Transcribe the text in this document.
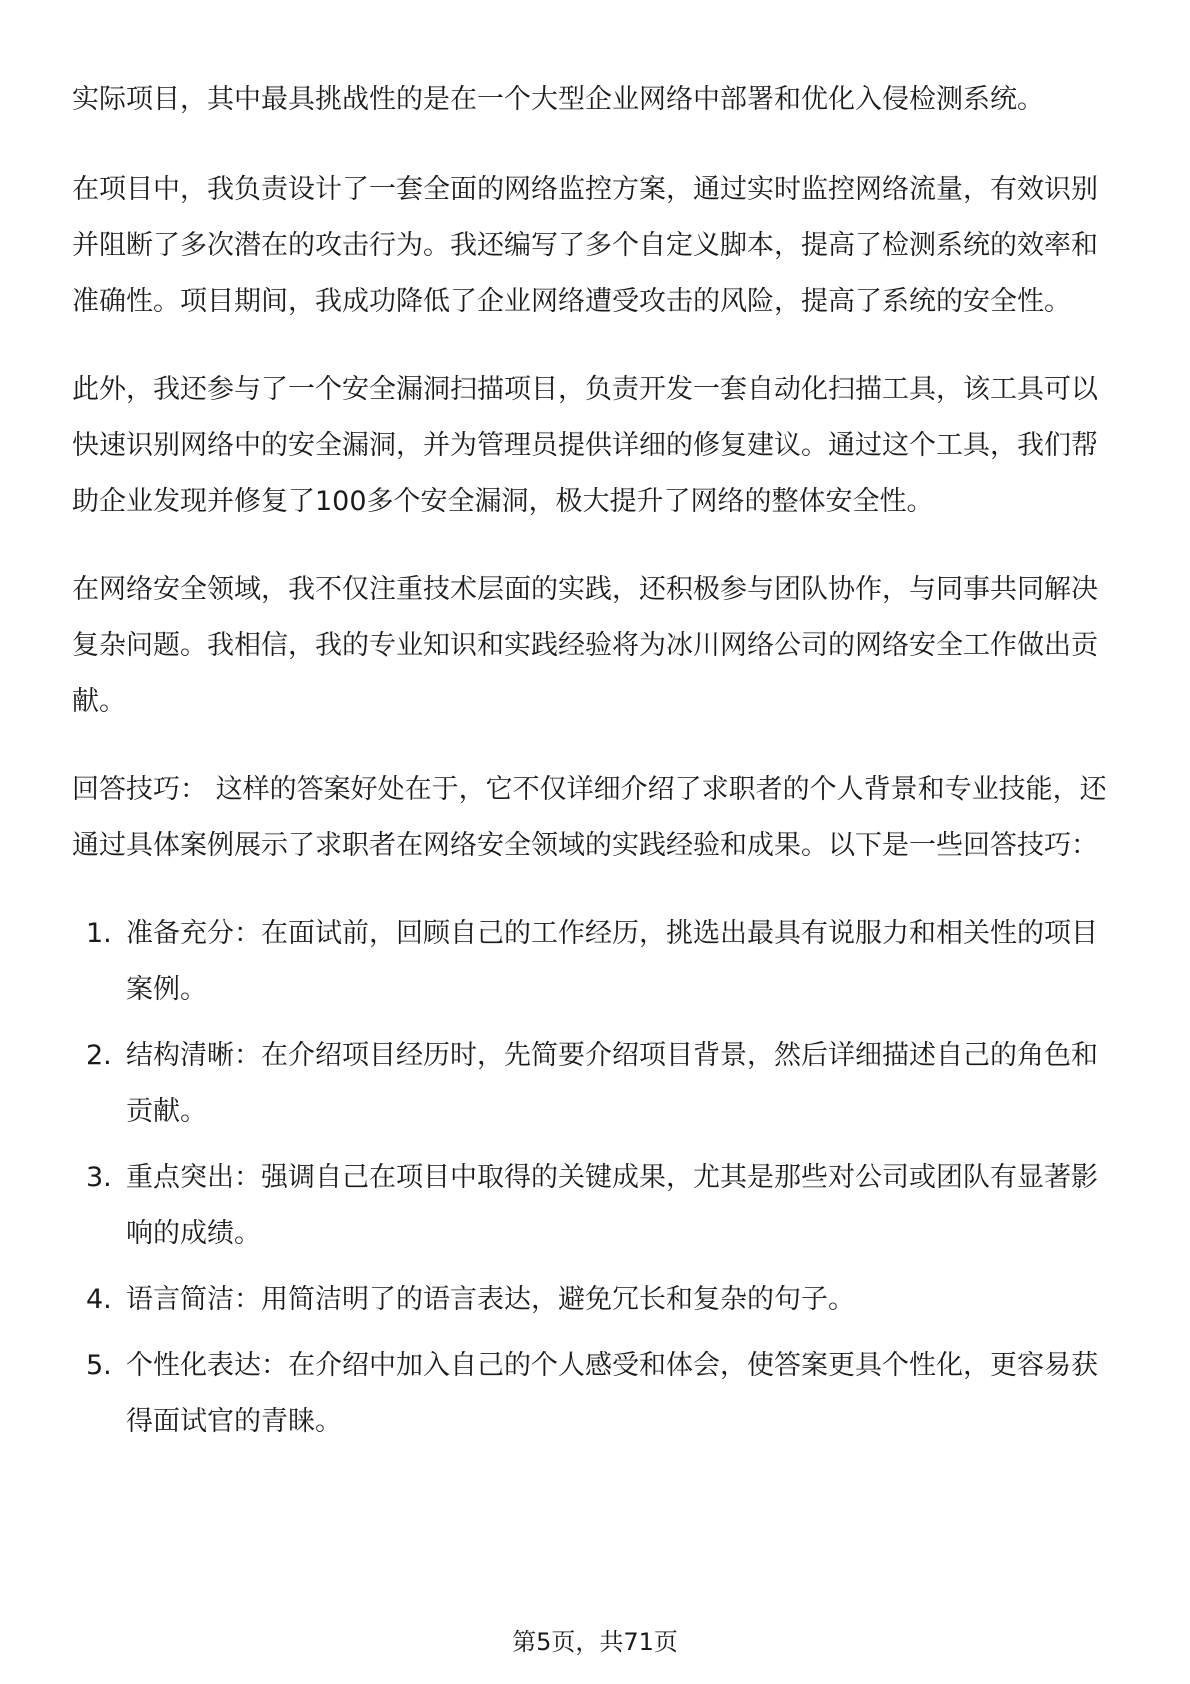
实际项目，其中最具挑战性的是在一个大型企业网络中部署和优化入侵检测系统。

在项目中，我负责设计了一套全面的网络监控方案，通过实时监控网络流量，有效识别并阻断了多次潜在的攻击行为。我还编写了多个自定义脚本，提高了检测系统的效率和准确性。项目期间，我成功降低了企业网络遭受攻击的风险，提高了系统的安全性。

此外，我还参与了一个安全漏洞扫描项目，负责开发一套自动化扫描工具，该工具可以快速识别网络中的安全漏洞，并为管理员提供详细的修复建议。通过这个工具，我们帮助企业发现并修复了100多个安全漏洞，极大提升了网络的整体安全性。

在网络安全领域，我不仅注重技术层面的实践，还积极参与团队协作，与同事共同解决复杂问题。我相信，我的专业知识和实践经验将为冰川网络公司的网络安全工作做出贡献。

回答技巧： 这样的答案好处在于，它不仅详细介绍了求职者的个人背景和专业技能，还通过具体案例展示了求职者在网络安全领域的实践经验和成果。以下是一些回答技巧：

1. 准备充分：在面试前，回顾自己的工作经历，挑选出最具有说服力和相关性的项目案例。
2. 结构清晰：在介绍项目经历时，先简要介绍项目背景，然后详细描述自己的角色和贡献。
3. 重点突出：强调自己在项目中取得的关键成果，尤其是那些对公司或团队有显著影响的成绩。
4. 语言简洁：用简洁明了的语言表达，避免冗长和复杂的句子。
5. 个性化表达：在介绍中加入自己的个人感受和体会，使答案更具个性化，更容易获得面试官的青睐。
第5页，共71页
